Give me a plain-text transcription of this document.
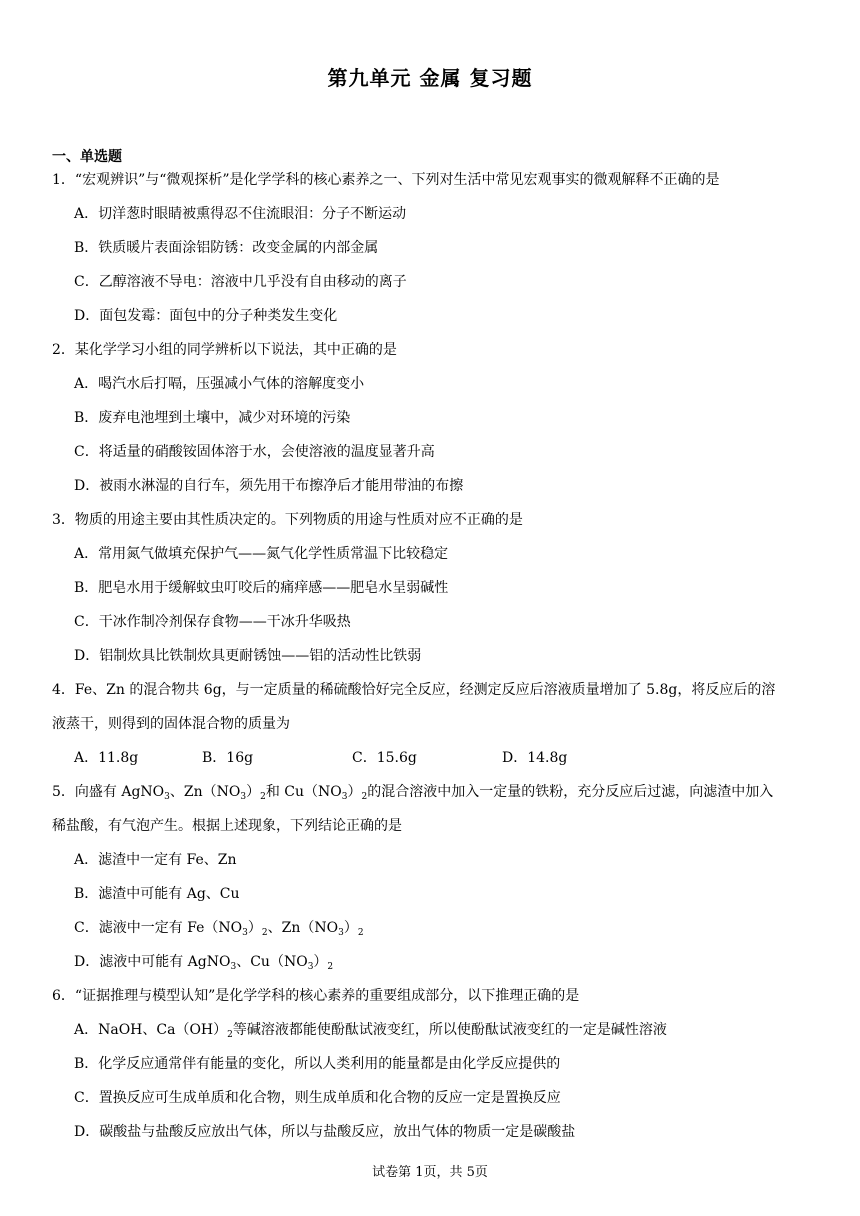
第九单元 金属 复习题
一、单选题

1．“宏观辨识”与“微观探析”是化学学科的核心素养之一、下列对生活中常见宏观事实的微观解释不正确的是

A．切洋葱时眼睛被熏得忍不住流眼泪：分子不断运动

B．铁质暖片表面涂铝防锈：改变金属的内部金属

C．乙醇溶液不导电：溶液中几乎没有自由移动的离子

D．面包发霉：面包中的分子种类发生变化

2．某化学学习小组的同学辨析以下说法，其中正确的是

A．喝汽水后打嗝，压强减小气体的溶解度变小

B．废弃电池埋到土壤中，减少对环境的污染

C．将适量的硝酸铵固体溶于水，会使溶液的温度显著升高

D．被雨水淋湿的自行车，须先用干布擦净后才能用带油的布擦

3．物质的用途主要由其性质决定的。下列物质的用途与性质对应不正确的是

A．常用氮气做填充保护气——氮气化学性质常温下比较稳定

B．肥皂水用于缓解蚊虫叮咬后的痛痒感——肥皂水呈弱碱性

C．干冰作制冷剂保存食物——干冰升华吸热

D．铝制炊具比铁制炊具更耐锈蚀——铝的活动性比铁弱

4．Fe、Zn 的混合物共 6g，与一定质量的稀硫酸恰好完全反应，经测定反应后溶液质量增加了 5.8g，将反应后的溶

液蒸干，则得到的固体混合物的质量为

A．11.8g	B．16g	C．15.6g	D．14.8g

5．向盛有 AgNO$_3$、$Zn(NO_3)_2$和 $Cu(NO_3)_2$的混合溶液中加入一定量的铁粉，充分反应后过滤，向滤渣中加入

稀盐酸，有气泡产生。根据上述现象，下列结论正确的是

A．滤渣中一定有 Fe、Zn

B．滤渣中可能有 Ag、Cu

C．滤液中一定有 $Fe(NO_3)_2$、$Zn(NO_3)_2$

D．滤液中可能有 AgNO$_3$、$Cu(NO_3)_2$

6．“证据推理与模型认知”是化学学科的核心素养的重要组成部分，以下推理正确的是

A．NaOH、$Ca(OH)_2$等碱溶液都能使酚酞试液变红，所以使酚酞试液变红的一定是碱性溶液

B．化学反应通常伴有能量的变化，所以人类利用的能量都是由化学反应提供的

C．置换反应可生成单质和化合物，则生成单质和化合物的反应一定是置换反应

D．碳酸盐与盐酸反应放出气体，所以与盐酸反应，放出气体的物质一定是碳酸盐

试卷第 1页，共 5页
